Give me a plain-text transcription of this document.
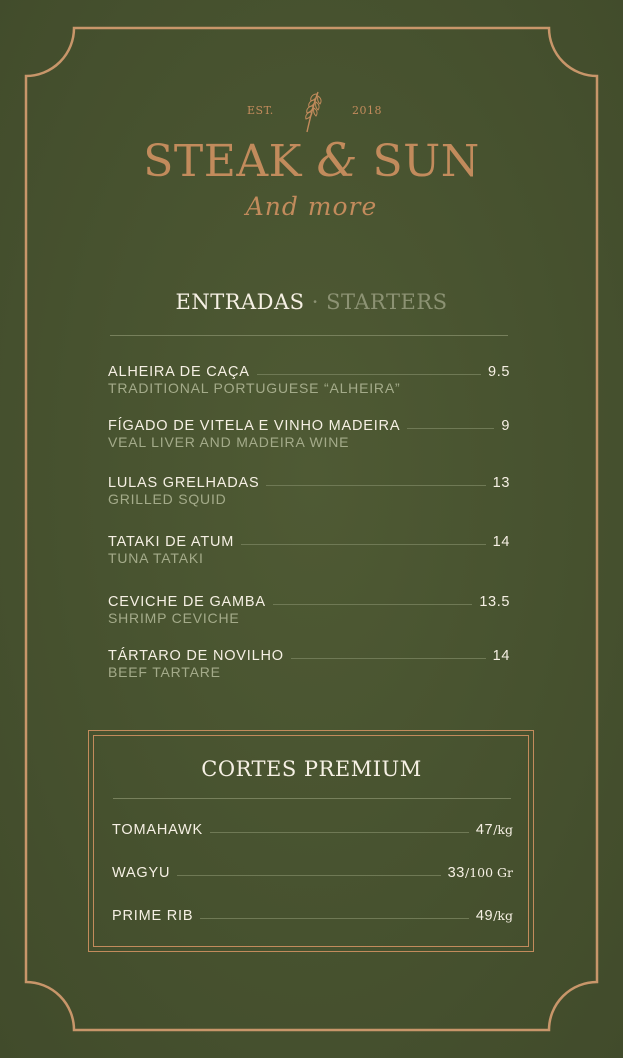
EST.	2018
STEAK & SUN
And more
ENTRADAS · STARTERS
ALHEIRA DE CAÇA	9.5
TRADITIONAL PORTUGUESE “ALHEIRA”
FÍGADO DE VITELA E VINHO MADEIRA	9
VEAL LIVER AND MADEIRA WINE
LULAS GRELHADAS	13
GRILLED SQUID
TATAKI DE ATUM	14
TUNA TATAKI
CEVICHE DE GAMBA	13.5
SHRIMP CEVICHE
TÁRTARO DE NOVILHO	14
BEEF TARTARE
CORTES PREMIUM
TOMAHAWK	47/kg
WAGYU	33/100 Gr
PRIME RIB	49/kg
